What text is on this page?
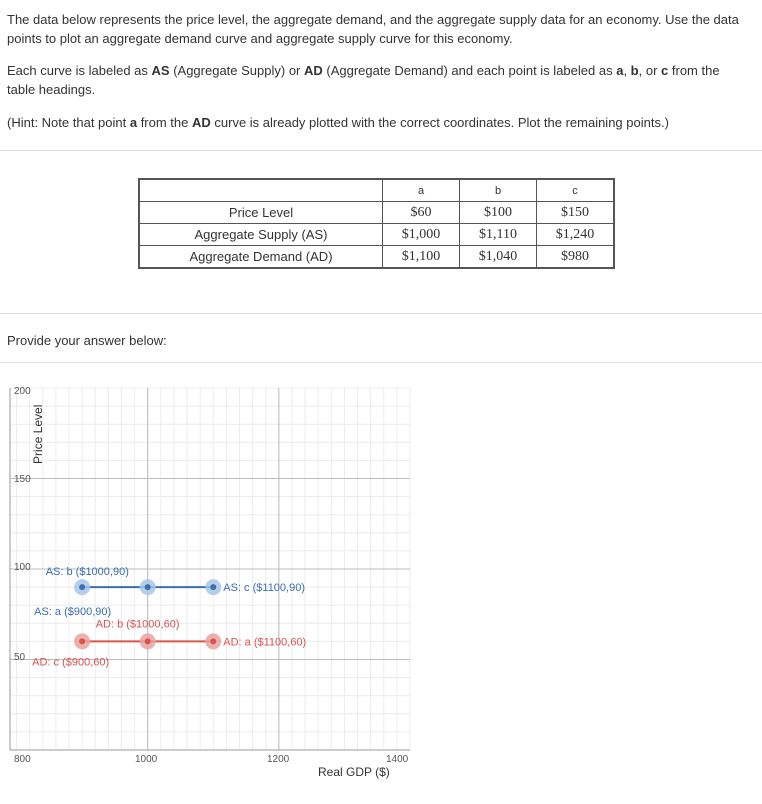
The data below represents the price level, the aggregate demand, and the aggregate supply data for an economy. Use the data points to plot an aggregate demand curve and aggregate supply curve for this economy.
Each curve is labeled as AS (Aggregate Supply) or AD (Aggregate Demand) and each point is labeled as a, b, or c from the table headings.
(Hint: Note that point a from the AD curve is already plotted with the correct coordinates. Plot the remaining points.)
	a	b	c
Price Level	$60	$100	$150
Aggregate Supply (AS)	$1,000	$1,110	$1,240
Aggregate Demand (AD)	$1,100	$1,040	$980
Provide your answer below:
200
150
100
50
800	1000	1200	1400
Price Level
Real GDP ($)
AS: a ($900,90)
AS: b ($1000,90)
AS: c ($1100,90)
AD: c ($900,60)
AD: b ($1000,60)
AD: a ($1100,60)
